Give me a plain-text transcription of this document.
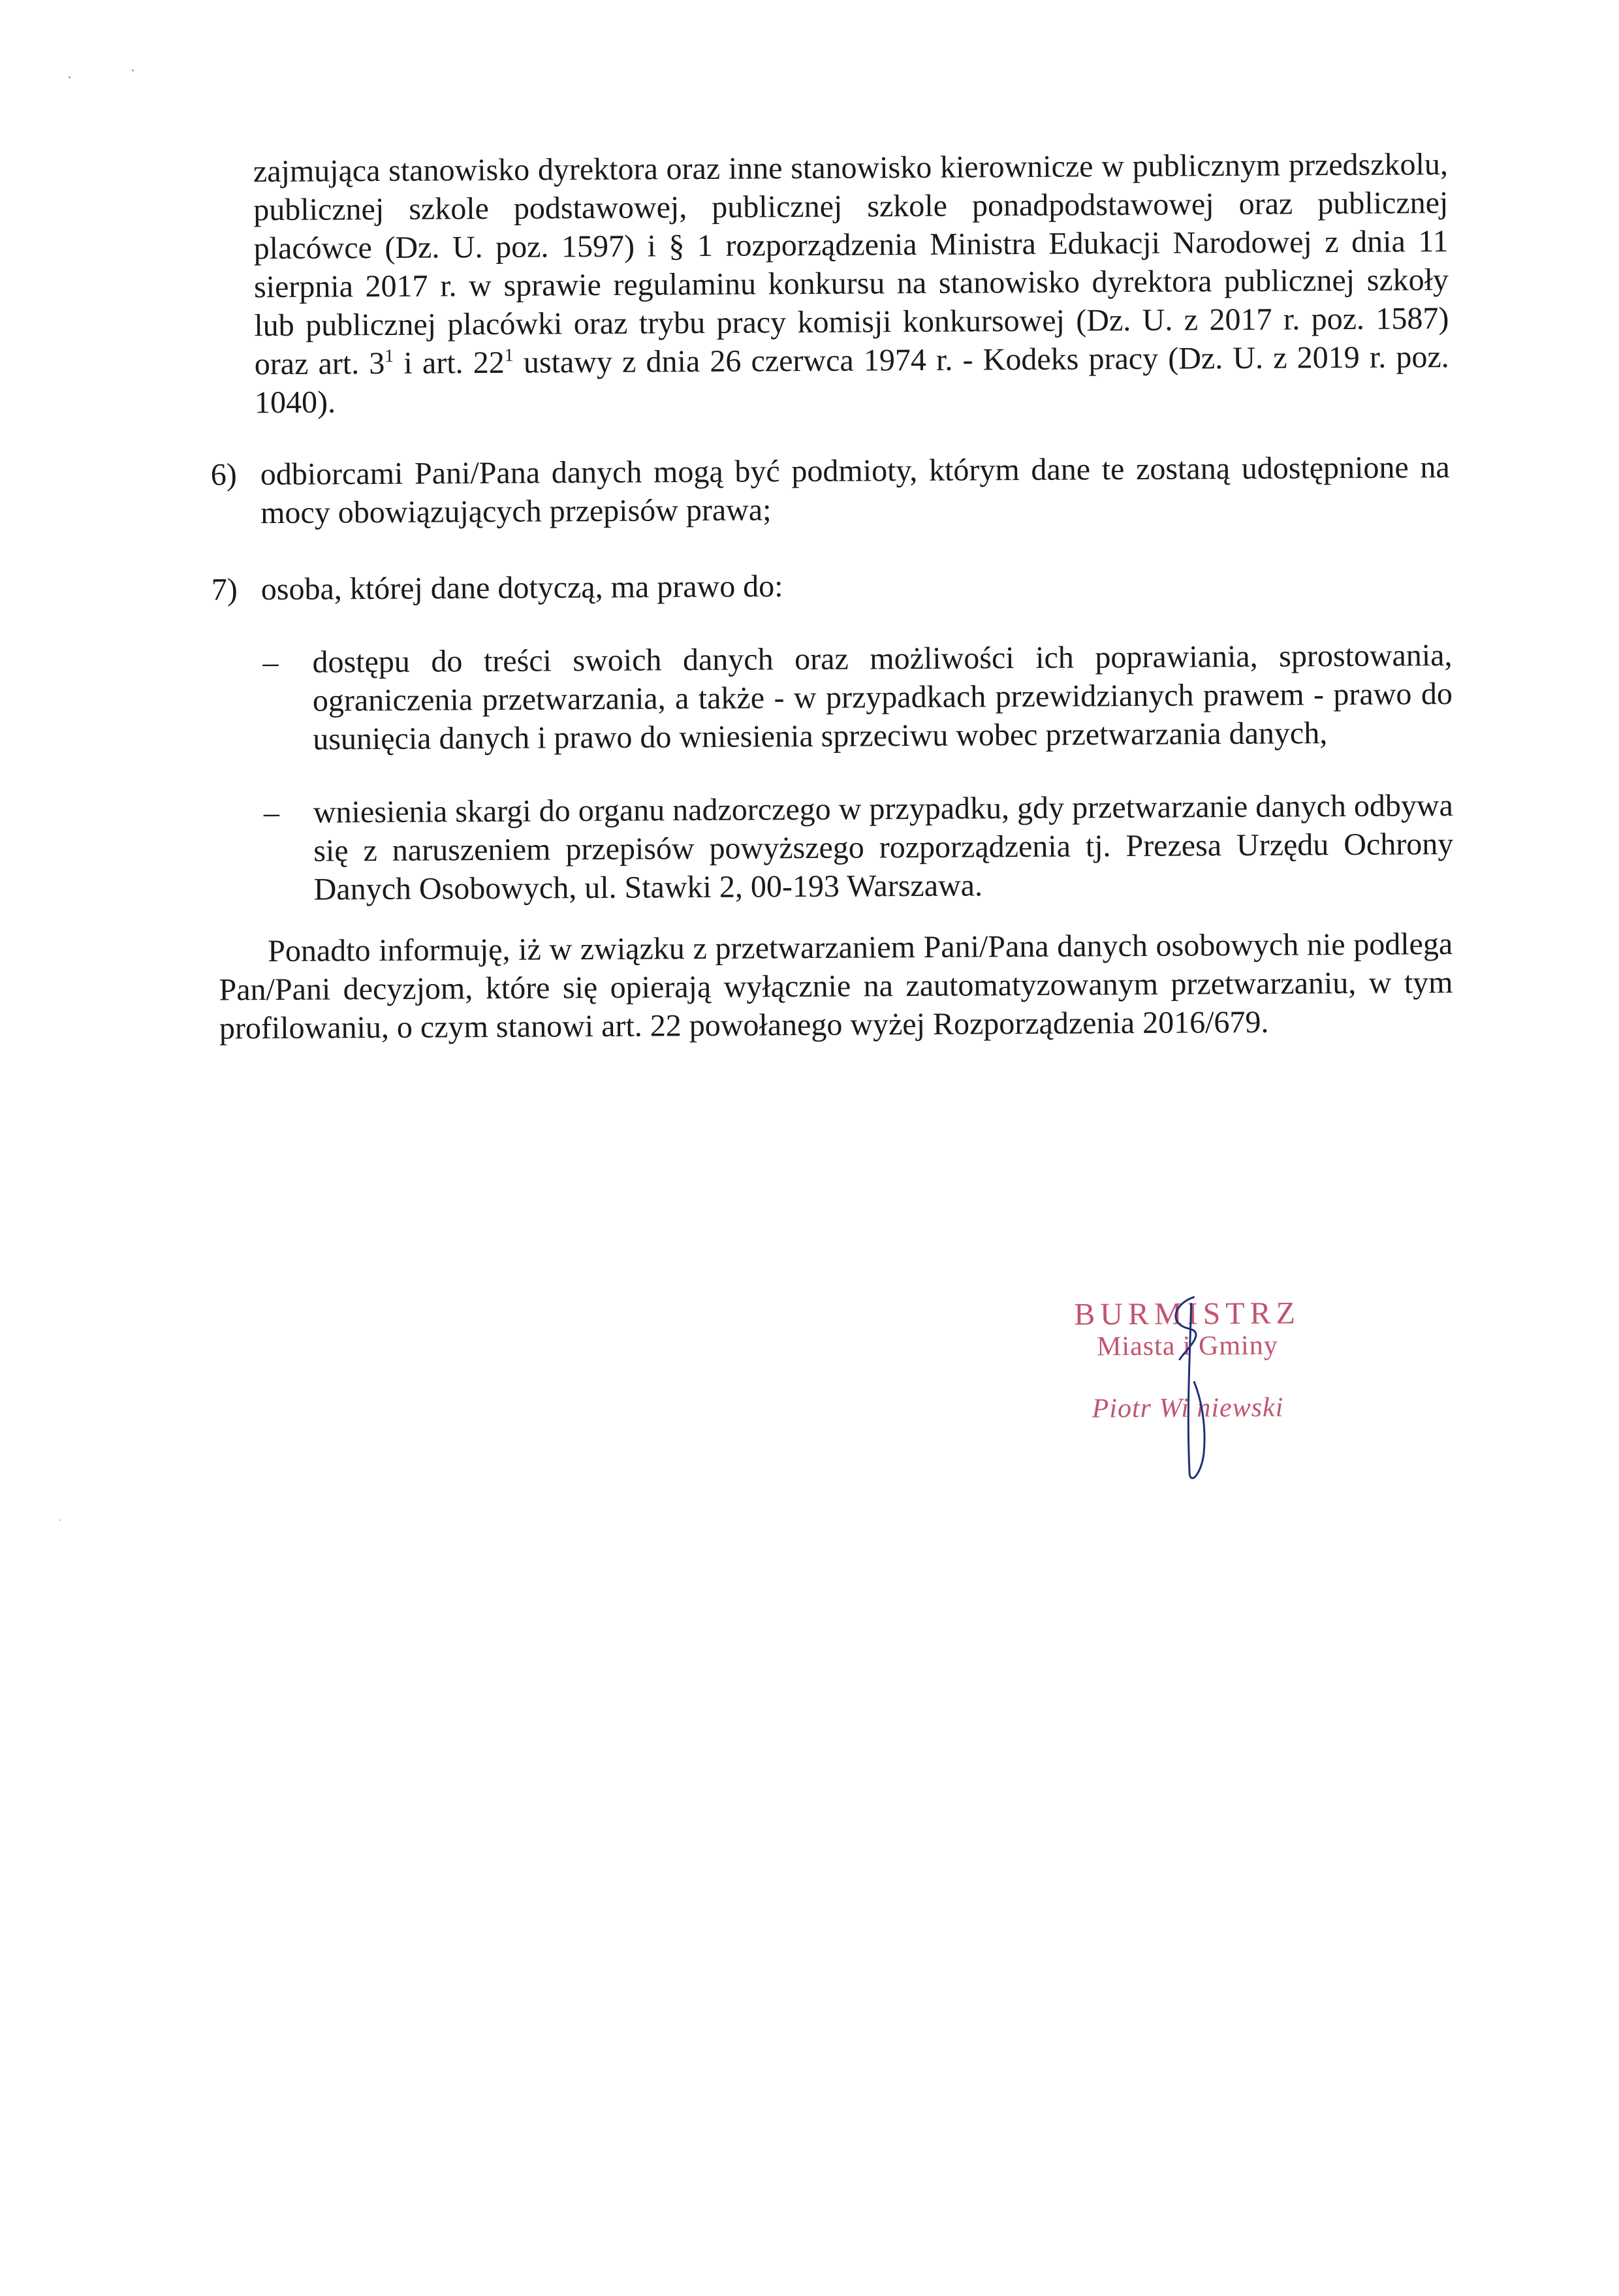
zajmująca stanowisko dyrektora oraz inne stanowisko kierownicze w publicznym przedszkolu, publicznej szkole podstawowej, publicznej szkole ponadpodstawowej oraz publicznej placówce (Dz. U. poz. 1597) i § 1 rozporządzenia Ministra Edukacji Narodowej z dnia 11 sierpnia 2017 r. w sprawie regulaminu konkursu na stanowisko dyrektora publicznej szkoły lub publicznej placówki oraz trybu pracy komisji konkursowej (Dz. U. z 2017 r. poz. 1587) oraz art. $3^1$ i art. $22^1$ ustawy z dnia 26 czerwca 1974 r. - Kodeks pracy (Dz. U. z 2019 r. poz. 1040).
6) odbiorcami Pani/Pana danych mogą być podmioty, którym dane te zostaną udostępnione na mocy obowiązujących przepisów prawa;
7) osoba, której dane dotyczą, ma prawo do:
– dostępu do treści swoich danych oraz możliwości ich poprawiania, sprostowania, ograniczenia przetwarzania, a także - w przypadkach przewidzianych prawem - prawo do usunięcia danych i prawo do wniesienia sprzeciwu wobec przetwarzania danych,
– wniesienia skargi do organu nadzorczego w przypadku, gdy przetwarzanie danych odbywa się z naruszeniem przepisów powyższego rozporządzenia tj. Prezesa Urzędu Ochrony Danych Osobowych, ul. Stawki 2, 00-193 Warszawa.
Ponadto informuję, iż w związku z przetwarzaniem Pani/Pana danych osobowych nie podlega Pan/Pani decyzjom, które się opierają wyłącznie na zautomatyzowanym przetwarzaniu, w tym profilowaniu, o czym stanowi art. 22 powołanego wyżej Rozporządzenia 2016/679.
BURMISTRZ
Miasta i Gminy
Piotr Wi niewski
